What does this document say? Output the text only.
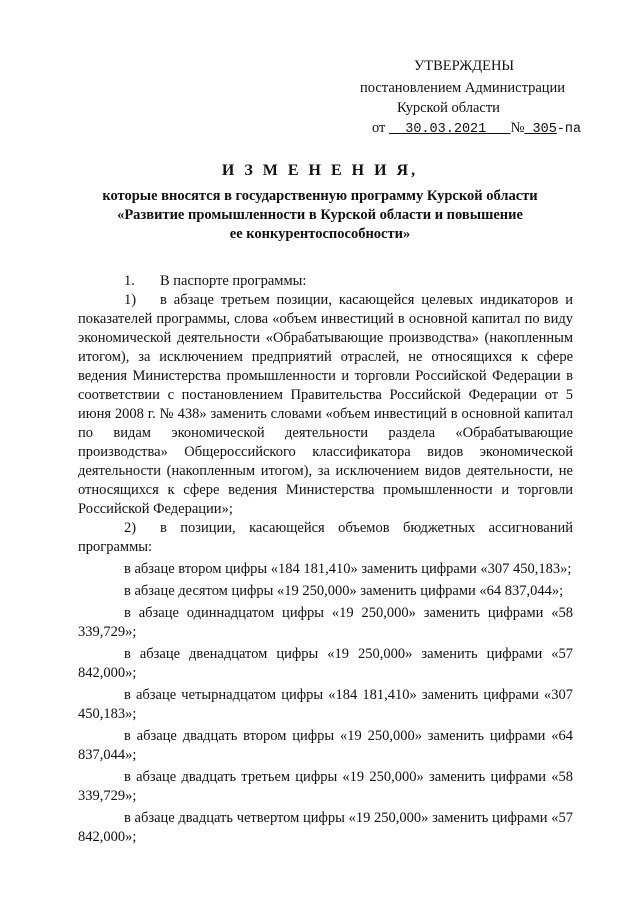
УТВЕРЖДЕНЫ
постановлением Администрации
Курской области
от 30.03.2021 № 305-па
И З М Е Н Е Н И Я,
которые вносятся в государственную программу Курской области
«Развитие промышленности в Курской области и повышение
ее конкурентоспособности»

1. В паспорте программы:

1) в абзаце третьем позиции, касающейся целевых индикаторов и показателей программы, слова «объем инвестиций в основной капитал по виду экономической деятельности «Обрабатывающие производства» (накопленным итогом), за исключением предприятий отраслей, не относящихся к сфере ведения Министерства промышленности и торговли Российской Федерации в соответствии с постановлением Правительства Российской Федерации от 5 июня 2008 г. № 438» заменить словами «объем инвестиций в основной капитал по видам экономической деятельности раздела «Обрабатывающие производства» Общероссийского классификатора видов экономической деятельности (накопленным итогом), за исключением видов деятельности, не относящихся к сфере ведения Министерства промышленности и торговли Российской Федерации»;

2) в позиции, касающейся объемов бюджетных ассигнований программы:

в абзаце втором цифры «184 181,410» заменить цифрами «307 450,183»;

в абзаце десятом цифры «19 250,000» заменить цифрами «64 837,044»;

в абзаце одиннадцатом цифры «19 250,000» заменить цифрами «58 339,729»;

в абзаце двенадцатом цифры «19 250,000» заменить цифрами «57 842,000»;

в абзаце четырнадцатом цифры «184 181,410» заменить цифрами «307 450,183»;

в абзаце двадцать втором цифры «19 250,000» заменить цифрами «64 837,044»;

в абзаце двадцать третьем цифры «19 250,000» заменить цифрами «58 339,729»;

в абзаце двадцать четвертом цифры «19 250,000» заменить цифрами «57 842,000»;
